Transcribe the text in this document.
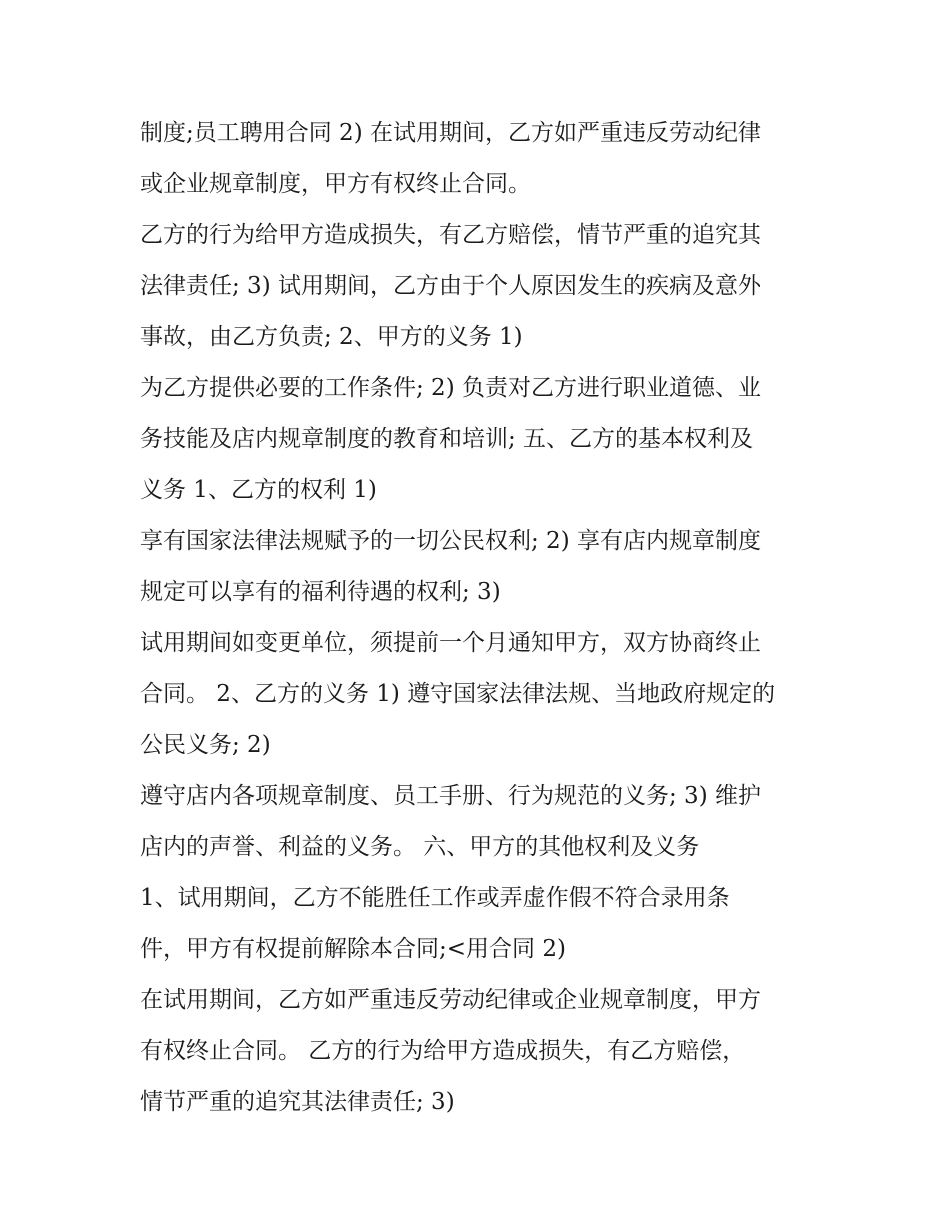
制度;员工聘用合同 2) 在试用期间，乙方如严重违反劳动纪律
或企业规章制度，甲方有权终止合同。
乙方的行为给甲方造成损失，有乙方赔偿，情节严重的追究其
法律责任; 3) 试用期间，乙方由于个人原因发生的疾病及意外
事故，由乙方负责; 2、甲方的义务 1)
为乙方提供必要的工作条件; 2) 负责对乙方进行职业道德、业
务技能及店内规章制度的教育和培训; 五、乙方的基本权利及
义务 1、乙方的权利 1)
享有国家法律法规赋予的一切公民权利; 2) 享有店内规章制度
规定可以享有的福利待遇的权利; 3)
试用期间如变更单位，须提前一个月通知甲方，双方协商终止
合同。 2、乙方的义务 1) 遵守国家法律法规、当地政府规定的
公民义务; 2)
遵守店内各项规章制度、员工手册、行为规范的义务; 3) 维护
店内的声誉、利益的义务。 六、甲方的其他权利及义务
1、试用期间，乙方不能胜任工作或弄虚作假不符合录用条
件，甲方有权提前解除本合同;<用合同 2)
在试用期间，乙方如严重违反劳动纪律或企业规章制度，甲方
有权终止合同。 乙方的行为给甲方造成损失，有乙方赔偿，
情节严重的追究其法律责任; 3)
